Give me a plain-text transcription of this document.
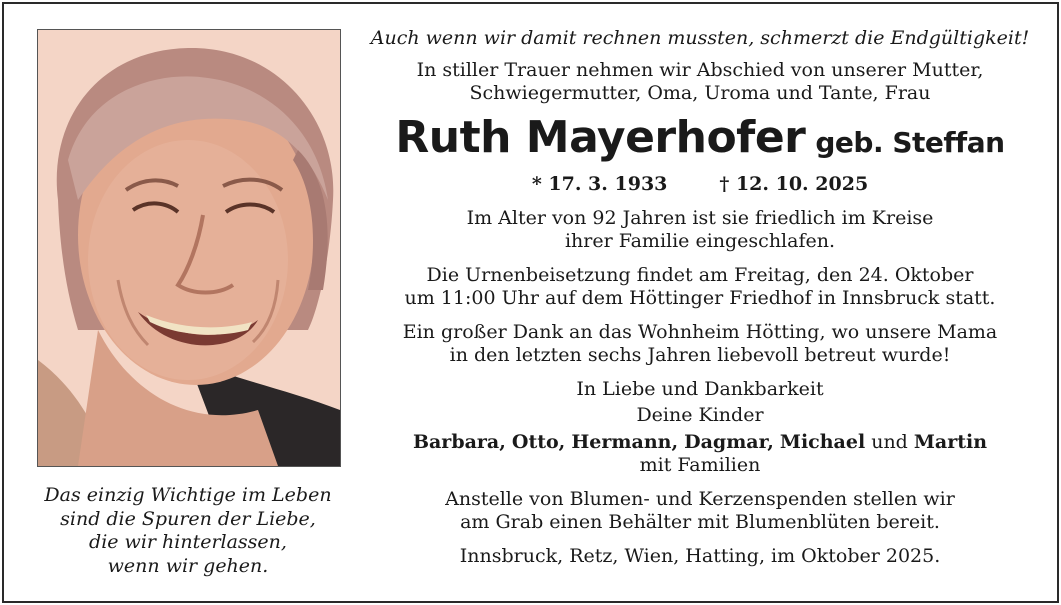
Das einzig Wichtige im Leben
sind die Spuren der Liebe,
die wir hinterlassen,
wenn wir gehen.
Auch wenn wir damit rechnen mussten, schmerzt die Endgültigkeit!
In stiller Trauer nehmen wir Abschied von unserer Mutter,
Schwiegermutter, Oma, Uroma und Tante, Frau
Ruth Mayerhofer geb. Steffan
* 17. 3. 1933	† 12. 10. 2025
Im Alter von 92 Jahren ist sie friedlich im Kreise
ihrer Familie eingeschlafen.
Die Urnenbeisetzung findet am Freitag, den 24. Oktober
um 11:00 Uhr auf dem Höttinger Friedhof in Innsbruck statt.
Ein großer Dank an das Wohnheim Hötting, wo unsere Mama
in den letzten sechs Jahren liebevoll betreut wurde!
In Liebe und Dankbarkeit
Deine Kinder
Barbara, Otto, Hermann, Dagmar, Michael und Martin
mit Familien
Anstelle von Blumen- und Kerzenspenden stellen wir
am Grab einen Behälter mit Blumenblüten bereit.
Innsbruck, Retz, Wien, Hatting, im Oktober 2025.
